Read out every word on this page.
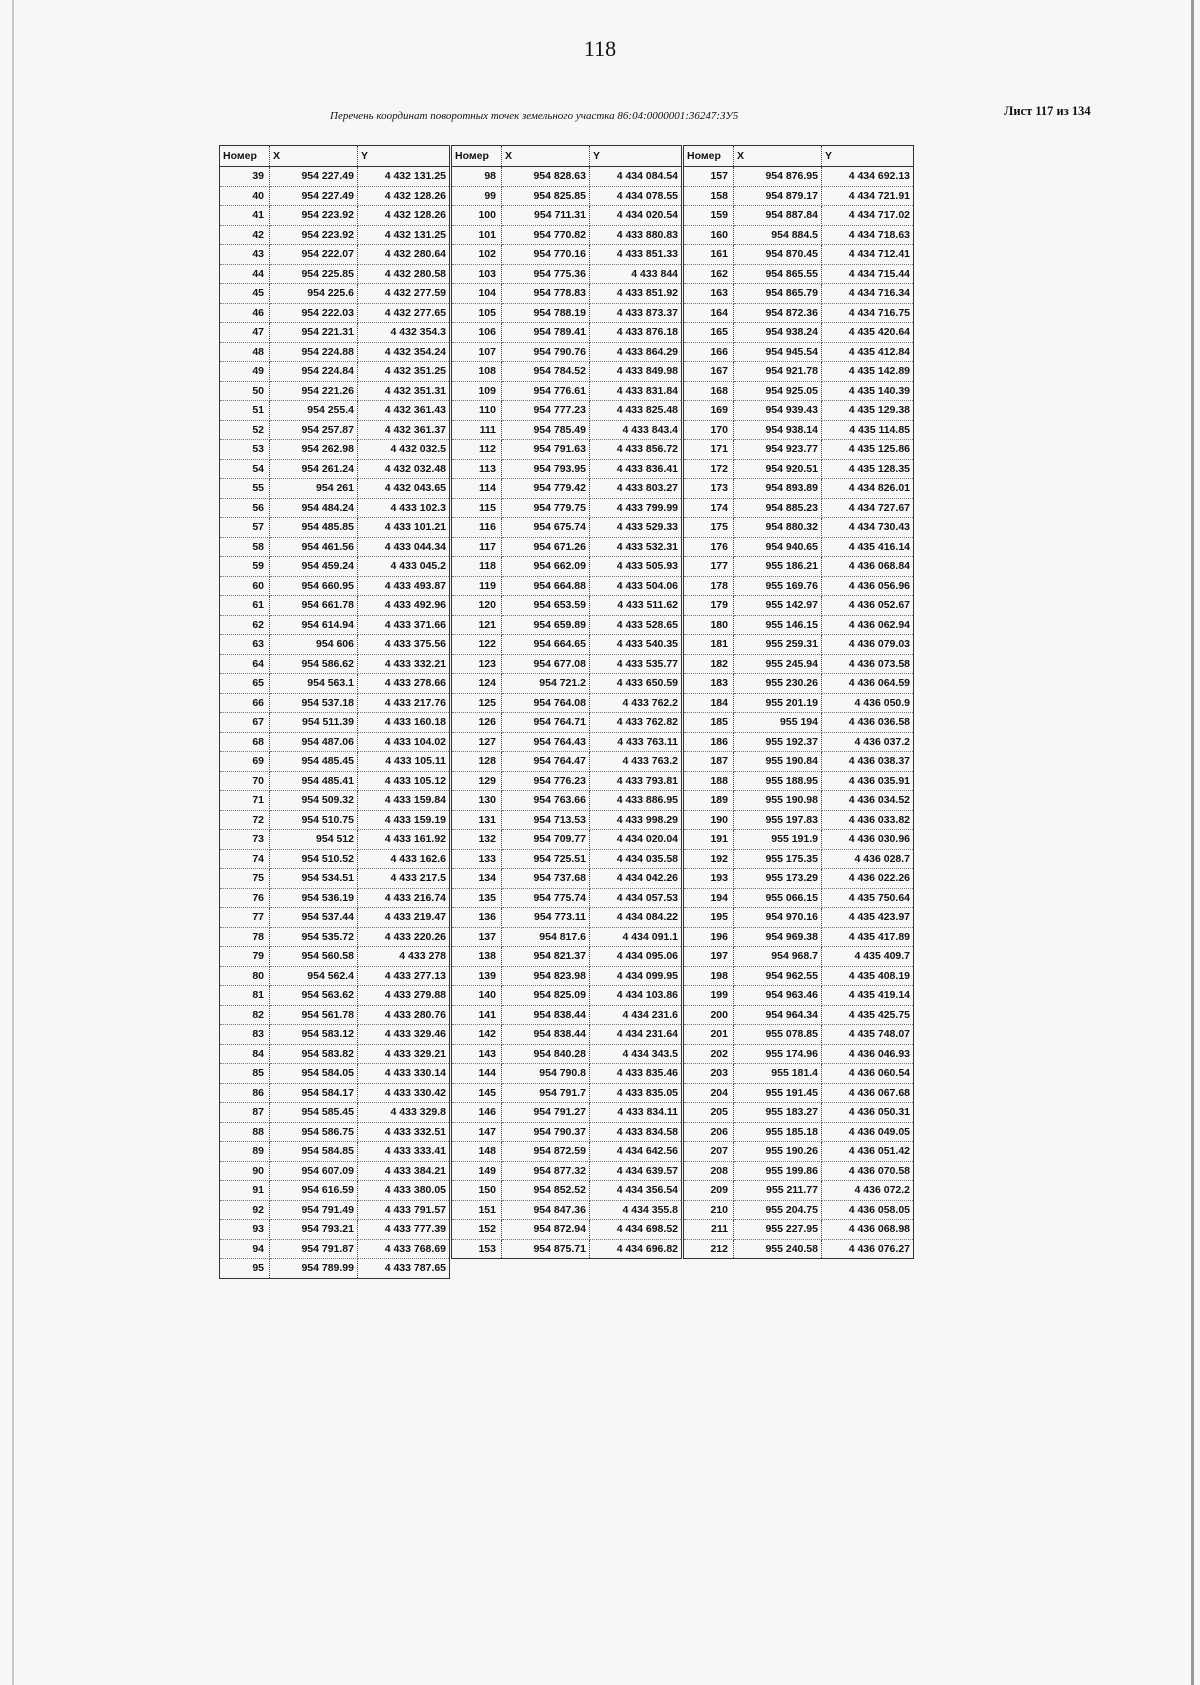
118
Перечень координат поворотных точек земельного участка 86:04:0000001:36247:ЗУ5	Лист 117 из 134
Номер	X	Y
39	954 227.49	4 432 131.25
40	954 227.49	4 432 128.26
41	954 223.92	4 432 128.26
42	954 223.92	4 432 131.25
43	954 222.07	4 432 280.64
44	954 225.85	4 432 280.58
45	954 225.6	4 432 277.59
46	954 222.03	4 432 277.65
47	954 221.31	4 432 354.3
48	954 224.88	4 432 354.24
49	954 224.84	4 432 351.25
50	954 221.26	4 432 351.31
51	954 255.4	4 432 361.43
52	954 257.87	4 432 361.37
53	954 262.98	4 432 032.5
54	954 261.24	4 432 032.48
55	954 261	4 432 043.65
56	954 484.24	4 433 102.3
57	954 485.85	4 433 101.21
58	954 461.56	4 433 044.34
59	954 459.24	4 433 045.2
60	954 660.95	4 433 493.87
61	954 661.78	4 433 492.96
62	954 614.94	4 433 371.66
63	954 606	4 433 375.56
64	954 586.62	4 433 332.21
65	954 563.1	4 433 278.66
66	954 537.18	4 433 217.76
67	954 511.39	4 433 160.18
68	954 487.06	4 433 104.02
69	954 485.45	4 433 105.11
70	954 485.41	4 433 105.12
71	954 509.32	4 433 159.84
72	954 510.75	4 433 159.19
73	954 512	4 433 161.92
74	954 510.52	4 433 162.6
75	954 534.51	4 433 217.5
76	954 536.19	4 433 216.74
77	954 537.44	4 433 219.47
78	954 535.72	4 433 220.26
79	954 560.58	4 433 278
80	954 562.4	4 433 277.13
81	954 563.62	4 433 279.88
82	954 561.78	4 433 280.76
83	954 583.12	4 433 329.46
84	954 583.82	4 433 329.21
85	954 584.05	4 433 330.14
86	954 584.17	4 433 330.42
87	954 585.45	4 433 329.8
88	954 586.75	4 433 332.51
89	954 584.85	4 433 333.41
90	954 607.09	4 433 384.21
91	954 616.59	4 433 380.05
92	954 791.49	4 433 791.57
93	954 793.21	4 433 777.39
94	954 791.87	4 433 768.69
95	954 789.99	4 433 787.65
Номер	X	Y
98	954 828.63	4 434 084.54
99	954 825.85	4 434 078.55
100	954 711.31	4 434 020.54
101	954 770.82	4 433 880.83
102	954 770.16	4 433 851.33
103	954 775.36	4 433 844
104	954 778.83	4 433 851.92
105	954 788.19	4 433 873.37
106	954 789.41	4 433 876.18
107	954 790.76	4 433 864.29
108	954 784.52	4 433 849.98
109	954 776.61	4 433 831.84
110	954 777.23	4 433 825.48
111	954 785.49	4 433 843.4
112	954 791.63	4 433 856.72
113	954 793.95	4 433 836.41
114	954 779.42	4 433 803.27
115	954 779.75	4 433 799.99
116	954 675.74	4 433 529.33
117	954 671.26	4 433 532.31
118	954 662.09	4 433 505.93
119	954 664.88	4 433 504.06
120	954 653.59	4 433 511.62
121	954 659.89	4 433 528.65
122	954 664.65	4 433 540.35
123	954 677.08	4 433 535.77
124	954 721.2	4 433 650.59
125	954 764.08	4 433 762.2
126	954 764.71	4 433 762.82
127	954 764.43	4 433 763.11
128	954 764.47	4 433 763.2
129	954 776.23	4 433 793.81
130	954 763.66	4 433 886.95
131	954 713.53	4 433 998.29
132	954 709.77	4 434 020.04
133	954 725.51	4 434 035.58
134	954 737.68	4 434 042.26
135	954 775.74	4 434 057.53
136	954 773.11	4 434 084.22
137	954 817.6	4 434 091.1
138	954 821.37	4 434 095.06
139	954 823.98	4 434 099.95
140	954 825.09	4 434 103.86
141	954 838.44	4 434 231.6
142	954 838.44	4 434 231.64
143	954 840.28	4 434 343.5
144	954 790.8	4 433 835.46
145	954 791.7	4 433 835.05
146	954 791.27	4 433 834.11
147	954 790.37	4 433 834.58
148	954 872.59	4 434 642.56
149	954 877.32	4 434 639.57
150	954 852.52	4 434 356.54
151	954 847.36	4 434 355.8
152	954 872.94	4 434 698.52
153	954 875.71	4 434 696.82
Номер	X	Y
157	954 876.95	4 434 692.13
158	954 879.17	4 434 721.91
159	954 887.84	4 434 717.02
160	954 884.5	4 434 718.63
161	954 870.45	4 434 712.41
162	954 865.55	4 434 715.44
163	954 865.79	4 434 716.34
164	954 872.36	4 434 716.75
165	954 938.24	4 435 420.64
166	954 945.54	4 435 412.84
167	954 921.78	4 435 142.89
168	954 925.05	4 435 140.39
169	954 939.43	4 435 129.38
170	954 938.14	4 435 114.85
171	954 923.77	4 435 125.86
172	954 920.51	4 435 128.35
173	954 893.89	4 434 826.01
174	954 885.23	4 434 727.67
175	954 880.32	4 434 730.43
176	954 940.65	4 435 416.14
177	955 186.21	4 436 068.84
178	955 169.76	4 436 056.96
179	955 142.97	4 436 052.67
180	955 146.15	4 436 062.94
181	955 259.31	4 436 079.03
182	955 245.94	4 436 073.58
183	955 230.26	4 436 064.59
184	955 201.19	4 436 050.9
185	955 194	4 436 036.58
186	955 192.37	4 436 037.2
187	955 190.84	4 436 038.37
188	955 188.95	4 436 035.91
189	955 190.98	4 436 034.52
190	955 197.83	4 436 033.82
191	955 191.9	4 436 030.96
192	955 175.35	4 436 028.7
193	955 173.29	4 436 022.26
194	955 066.15	4 435 750.64
195	954 970.16	4 435 423.97
196	954 969.38	4 435 417.89
197	954 968.7	4 435 409.7
198	954 962.55	4 435 408.19
199	954 963.46	4 435 419.14
200	954 964.34	4 435 425.75
201	955 078.85	4 435 748.07
202	955 174.96	4 436 046.93
203	955 181.4	4 436 060.54
204	955 191.45	4 436 067.68
205	955 183.27	4 436 050.31
206	955 185.18	4 436 049.05
207	955 190.26	4 436 051.42
208	955 199.86	4 436 070.58
209	955 211.77	4 436 072.2
210	955 204.75	4 436 058.05
211	955 227.95	4 436 068.98
212	955 240.58	4 436 076.27
